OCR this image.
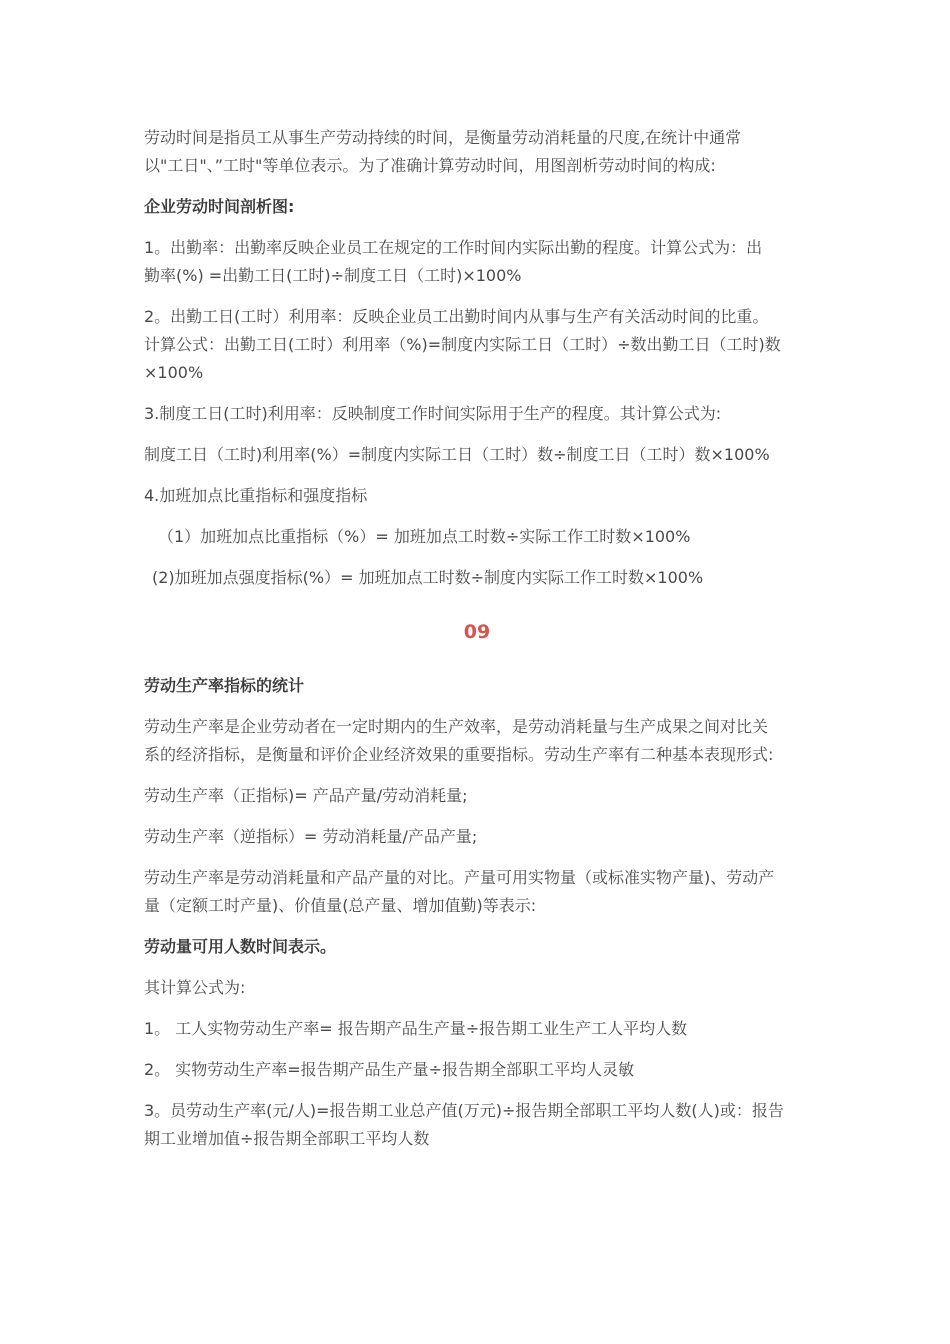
劳动时间是指员工从事生产劳动持续的时间，是衡量劳动消耗量的尺度,在统计中通常
以"工日"、”工时"等单位表示。为了准确计算劳动时间，用图剖析劳动时间的构成:

企业劳动时间剖析图:

1。出勤率：出勤率反映企业员工在规定的工作时间内实际出勤的程度。计算公式为：出
勤率(%) =出勤工日(工时)÷制度工日（工时)×100%

2。出勤工日(工时）利用率：反映企业员工出勤时间内从事与生产有关活动时间的比重。
计算公式：出勤工日(工时）利用率（%)=制度内实际工日（工时）÷数出勤工日（工时)数
×100%

3.制度工日(工时)利用率：反映制度工作时间实际用于生产的程度。其计算公式为:

制度工日（工时)利用率(%）=制度内实际工日（工时）数÷制度工日（工时）数×100%

4.加班加点比重指标和强度指标

（1）加班加点比重指标（%）= 加班加点工时数÷实际工作工时数×100%

(2)加班加点强度指标(%）= 加班加点工时数÷制度内实际工作工时数×100%

09

劳动生产率指标的统计

劳动生产率是企业劳动者在一定时期内的生产效率，是劳动消耗量与生产成果之间对比关
系的经济指标，是衡量和评价企业经济效果的重要指标。劳动生产率有二种基本表现形式:

劳动生产率（正指标)= 产品产量/劳动消耗量;

劳动生产率（逆指标）= 劳动消耗量/产品产量;

劳动生产率是劳动消耗量和产品产量的对比。产量可用实物量（或标准实物产量)、劳动产
量（定额工时产量)、价值量(总产量、增加值勤)等表示:

劳动量可用人数时间表示。

其计算公式为:

1。 工人实物劳动生产率= 报告期产品生产量÷报告期工业生产工人平均人数

2。 实物劳动生产率=报告期产品生产量÷报告期全部职工平均人灵敏

3。员劳动生产率(元/人)=报告期工业总产值(万元)÷报告期全部职工平均人数(人)或：报告
期工业增加值÷报告期全部职工平均人数
